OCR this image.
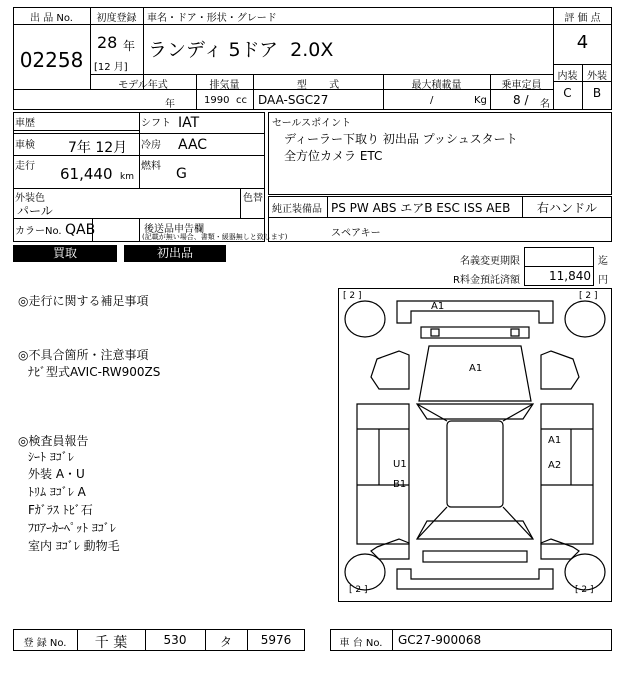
出 品 No.
02258
初度登録
28 年
[12 月]
車名・ドア・形状・グレード
ランディ 5ドア  2.0X
評 価 点
4
内装 外装
C	B
モデル年式	排気量	型       式	最大積載量	乗車定員
年	1990 cc DAA-SGC27	/	Kg 8 / 名
車歴	シフト IAT
車検 7年 12月 冷房 AAC
走行 61,440 km
燃料 G
外装色
パール
色替
カラーNo. QAB	後送品申告欄
(記載が無い場合、書類・緩器無しと致します)
セールスポイント
ディーラー下取り 初出品 プッシュスタート
全方位カメラ ETC
純正装備品 PS PW ABS エアB ESC ISS AEB	右ハンドル
スペアキー
買取	初出品
名義変更期限	迄
R料金預託済額	11,840 円
◎走行に関する補足事項
◎不具合箇所・注意事項
ﾅﾋﾞ型式AVIC-RW900ZS
◎検査員報告
ｼｰﾄ ﾖｺﾞﾚ
外装 A・U
ﾄﾘﾑ ﾖｺﾞﾚ A
Fｶﾞﾗｽ ﾄﾋﾞ石
ﾌﾛｱｰｶｰﾍﾟｯﾄ ﾖｺﾞﾚ
室内 ﾖｺﾞﾚ 動物毛
[ 2 ]	[ 2 ]
[ 2 ]	[ 2 ]
A1
A1
A1
A2
U1
B1
登 録 No.	千 葉	530	タ	5976	車 台 No.	GC27-900068
